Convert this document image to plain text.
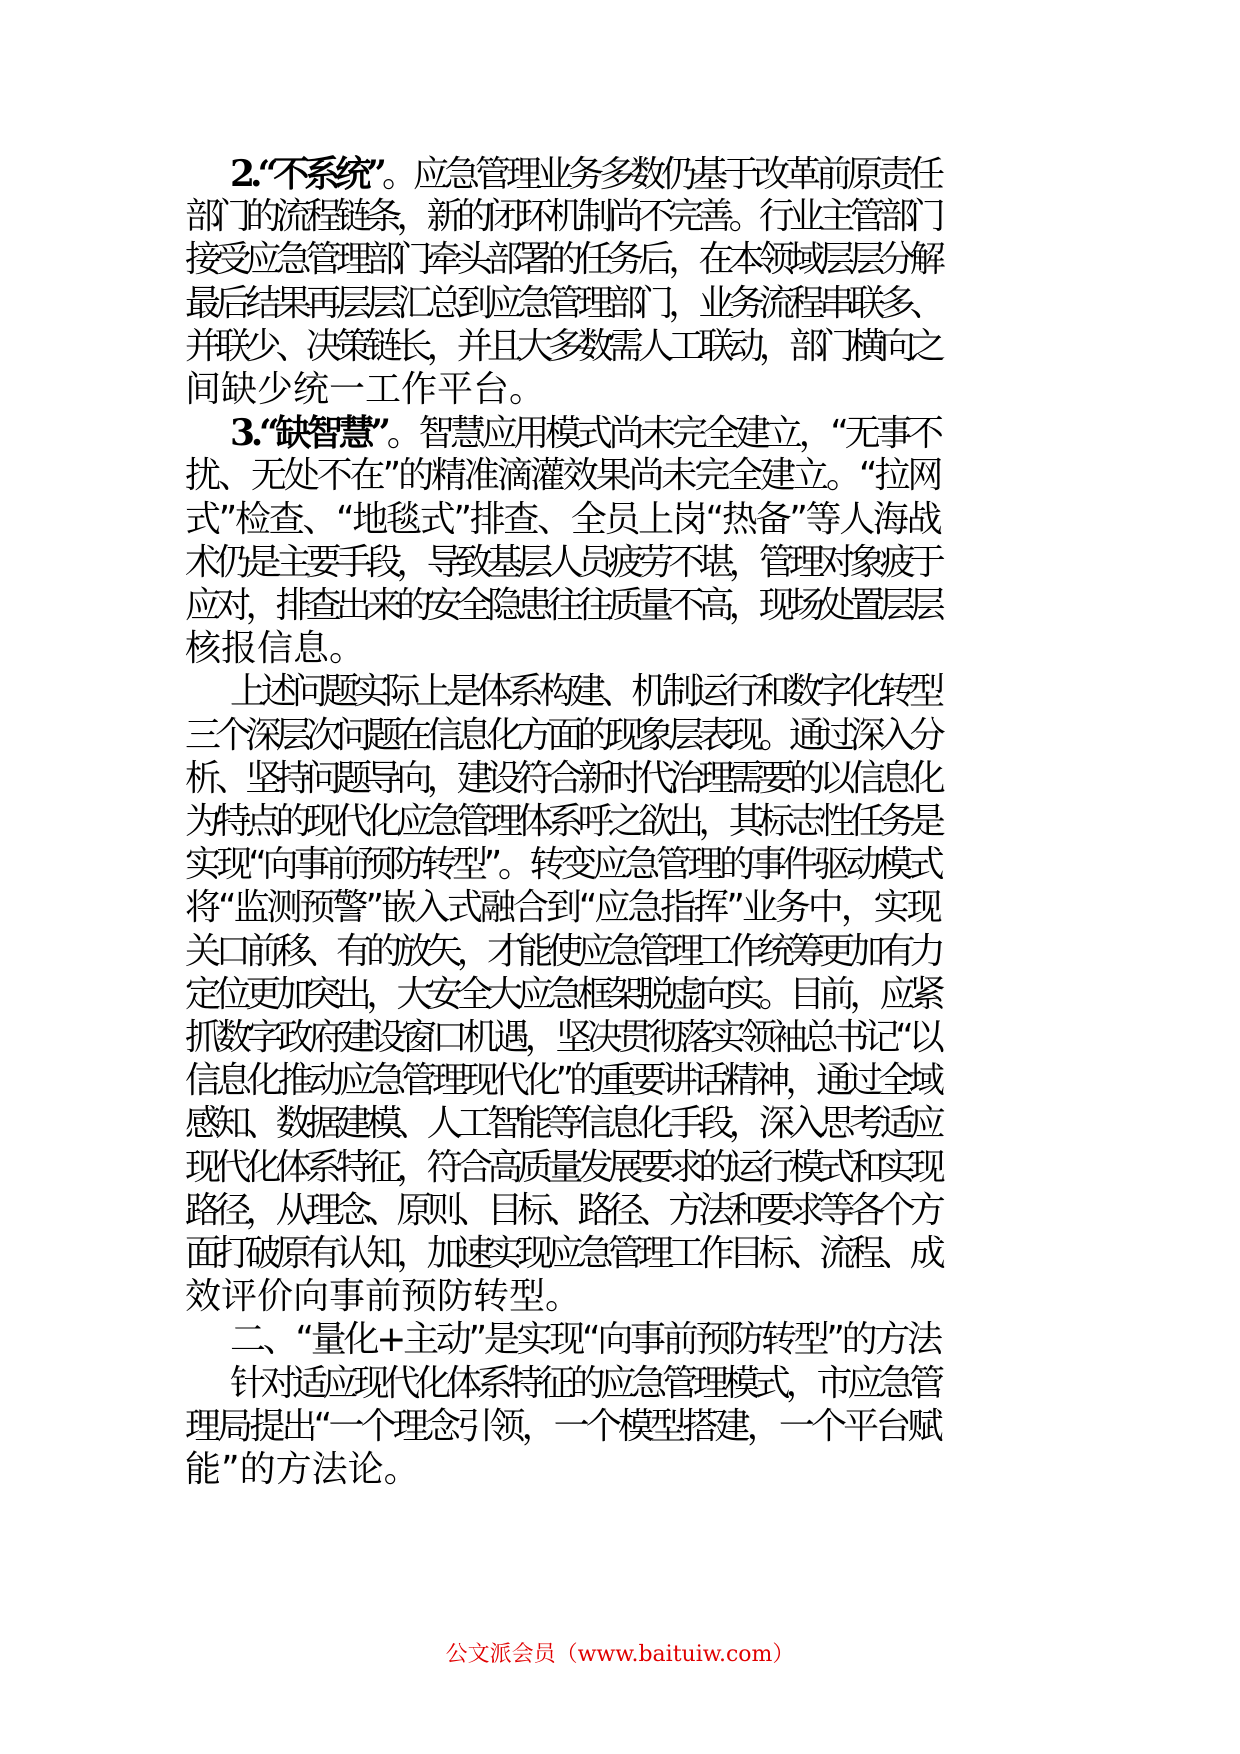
2.“不系统”。应急管理业务多数仍基于改革前原责任

部门的流程链条，新的闭环机制尚不完善。行业主管部门

接受应急管理部门牵头部署的任务后，在本领域层层分解

最后结果再层层汇总到应急管理部门，业务流程串联多、

并联少、决策链长，并且大多数需人工联动，部门横向之

间缺少统一工作平台。

3.“缺智慧”。智慧应用模式尚未完全建立，“无事不

扰、无处不在”的精准滴灌效果尚未完全建立。“拉网

式”检查、“地毯式”排查、全员上岗“热备”等人海战

术仍是主要手段，导致基层人员疲劳不堪，管理对象疲于

应对，排查出来的安全隐患往往质量不高，现场处置层层

核报信息。

上述问题实际上是体系构建、机制运行和数字化转型

三个深层次问题在信息化方面的现象层表现。通过深入分

析、坚持问题导向，建设符合新时代治理需要的以信息化

为特点的现代化应急管理体系呼之欲出，其标志性任务是

实现“向事前预防转型”。转变应急管理的事件驱动模式

将“监测预警”嵌入式融合到“应急指挥”业务中，实现

关口前移、有的放矢，才能使应急管理工作统筹更加有力

定位更加突出，大安全大应急框架脱虚向实。目前，应紧

抓数字政府建设窗口机遇，坚决贯彻落实领袖总书记“以

信息化推动应急管理现代化”的重要讲话精神，通过全域

感知、数据建模、人工智能等信息化手段，深入思考适应

现代化体系特征，符合高质量发展要求的运行模式和实现

路径，从理念、原则、目标、路径、方法和要求等各个方

面打破原有认知，加速实现应急管理工作目标、流程、成

效评价向事前预防转型。

二、“量化+主动”是实现“向事前预防转型”的方法

针对适应现代化体系特征的应急管理模式，市应急管

理局提出“一个理念引领，一个模型搭建，一个平台赋

能”的方法论。

公文派会员（www.baituiw.com）
